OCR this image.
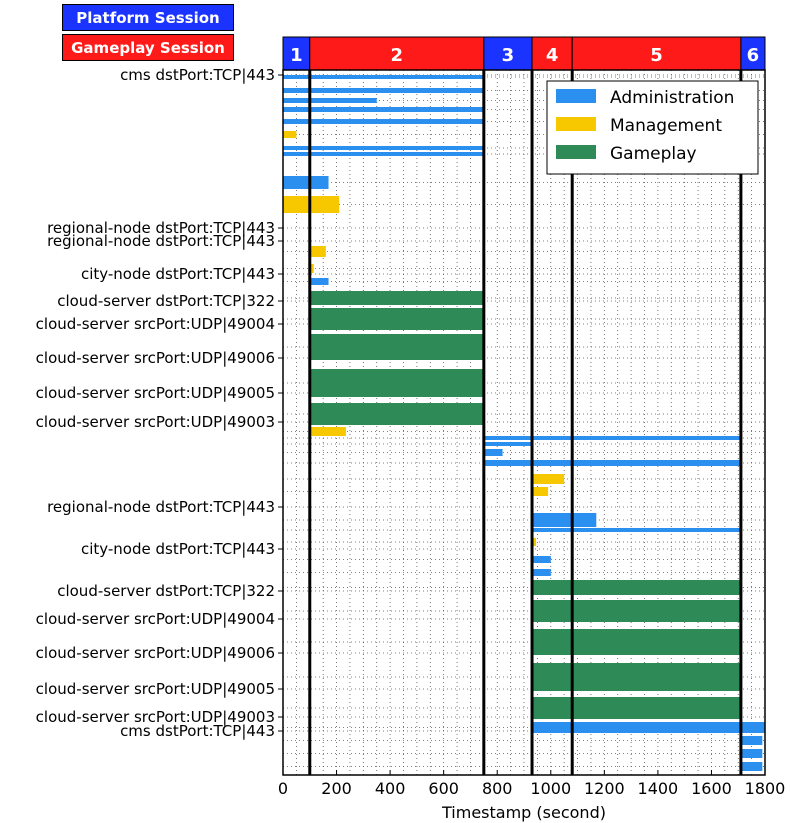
Platform Session
Gameplay Session	1	2	3 4	5	6
cms dstPort:TCP|443
regional-node dstPort:TCP|443
regional-node dstPort:TCP|443
city-node dstPort:TCP|443
cloud-server dstPort:TCP|322
cloud-server srcPort:UDP|49004
cloud-server srcPort:UDP|49006
cloud-server srcPort:UDP|49005
cloud-server srcPort:UDP|49003
regional-node dstPort:TCP|443
city-node dstPort:TCP|443
cloud-server dstPort:TCP|322
cloud-server srcPort:UDP|49004
cloud-server srcPort:UDP|49006
cloud-server srcPort:UDP|49005
cloud-server srcPort:UDP|49003
cms dstPort:TCP|443
0 200 400 600 800 1000 1200 1400 1600 1800
Timestamp (second)
Administration
Management
Gameplay
